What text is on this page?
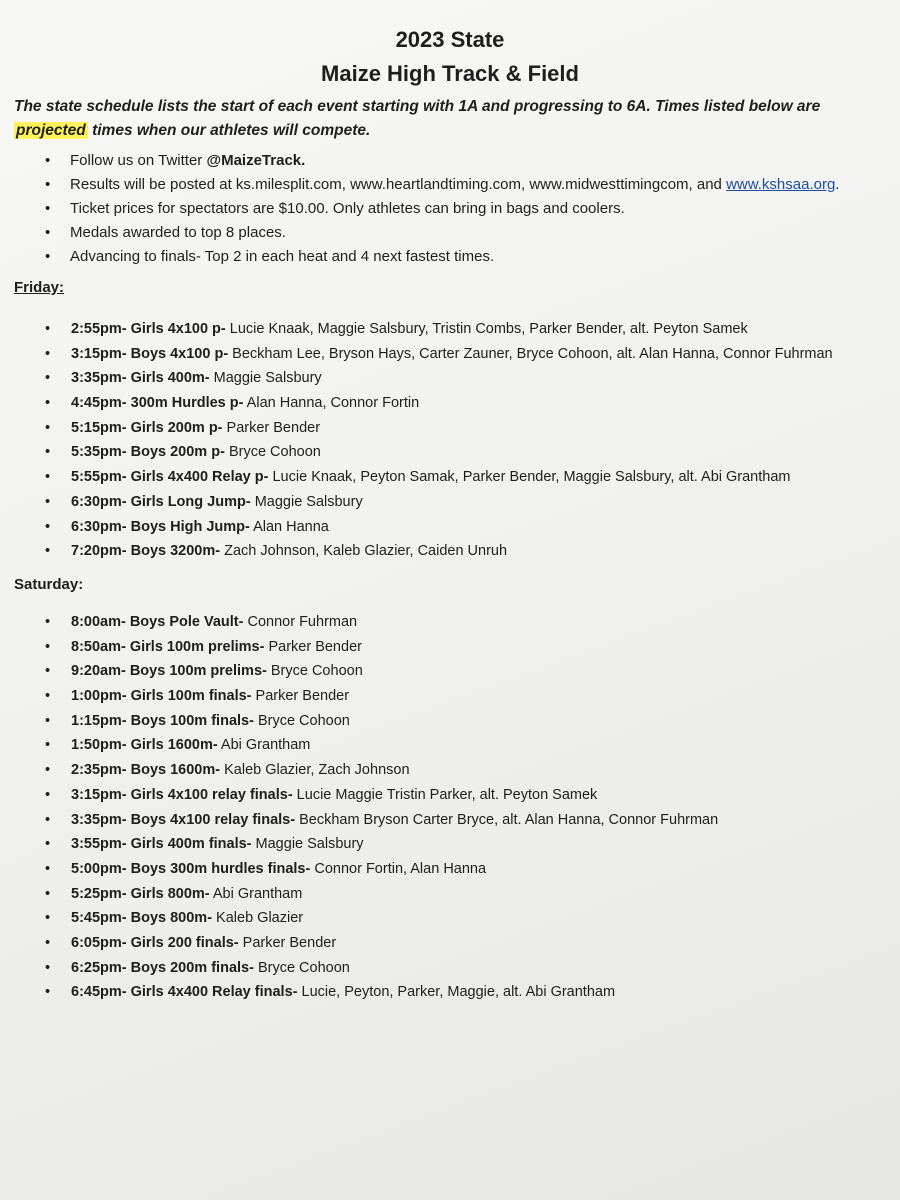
2023 State
Maize High Track & Field
The state schedule lists the start of each event starting with 1A and progressing to 6A. Times listed below are projected times when our athletes will compete.
• Follow us on Twitter @MaizeTrack.
• Results will be posted at ks.milesplit.com, www.heartlandtiming.com, www.midwesttimingcom, and www.kshsaa.org.
• Ticket prices for spectators are $10.00. Only athletes can bring in bags and coolers.
• Medals awarded to top 8 places.
• Advancing to finals- Top 2 in each heat and 4 next fastest times.
Friday:
• 2:55pm- Girls 4x100 p- Lucie Knaak, Maggie Salsbury, Tristin Combs, Parker Bender, alt. Peyton Samek
• 3:15pm- Boys 4x100 p- Beckham Lee, Bryson Hays, Carter Zauner, Bryce Cohoon, alt. Alan Hanna, Connor Fuhrman
• 3:35pm- Girls 400m- Maggie Salsbury
• 4:45pm- 300m Hurdles p- Alan Hanna, Connor Fortin
• 5:15pm- Girls 200m p- Parker Bender
• 5:35pm- Boys 200m p- Bryce Cohoon
• 5:55pm- Girls 4x400 Relay p- Lucie Knaak, Peyton Samak, Parker Bender, Maggie Salsbury, alt. Abi Grantham
• 6:30pm- Girls Long Jump- Maggie Salsbury
• 6:30pm- Boys High Jump- Alan Hanna
• 7:20pm- Boys 3200m- Zach Johnson, Kaleb Glazier, Caiden Unruh
Saturday:
• 8:00am- Boys Pole Vault- Connor Fuhrman
• 8:50am- Girls 100m prelims- Parker Bender
• 9:20am- Boys 100m prelims- Bryce Cohoon
• 1:00pm- Girls 100m finals- Parker Bender
• 1:15pm- Boys 100m finals- Bryce Cohoon
• 1:50pm- Girls 1600m- Abi Grantham
• 2:35pm- Boys 1600m- Kaleb Glazier, Zach Johnson
• 3:15pm- Girls 4x100 relay finals- Lucie Maggie Tristin Parker, alt. Peyton Samek
• 3:35pm- Boys 4x100 relay finals- Beckham Bryson Carter Bryce, alt. Alan Hanna, Connor Fuhrman
• 3:55pm- Girls 400m finals- Maggie Salsbury
• 5:00pm- Boys 300m hurdles finals- Connor Fortin, Alan Hanna
• 5:25pm- Girls 800m- Abi Grantham
• 5:45pm- Boys 800m- Kaleb Glazier
• 6:05pm- Girls 200 finals- Parker Bender
• 6:25pm- Boys 200m finals- Bryce Cohoon
• 6:45pm- Girls 4x400 Relay finals- Lucie, Peyton, Parker, Maggie, alt. Abi Grantham
